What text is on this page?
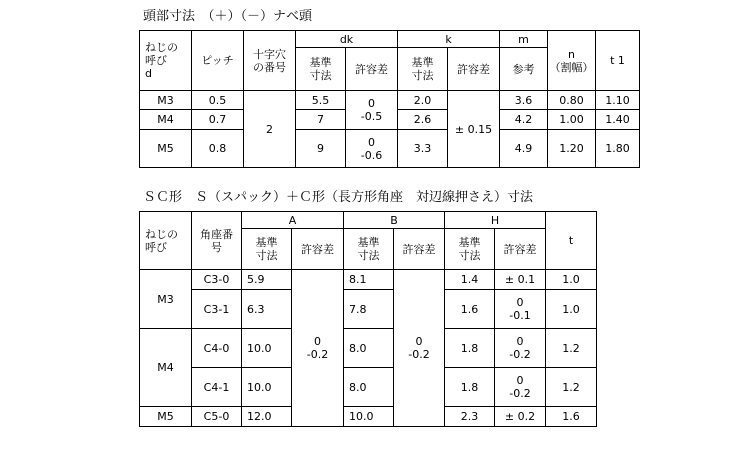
頭部寸法　（＋）（－）ナベ頭
ねじの
呼び
d	ピッチ	十字穴
の番号	dk		k		m	n
（割幅）	t 1
			基準
寸法	許容差	基準
寸法	許容差	参考		
M3	0.5	2	5.5	0
-0.5	2.0	± 0.15	3.6	0.80	1.10
M4	0.7		7		2.6		4.2	1.00	1.40
M5	0.8		9	0
-0.6	3.3		4.9	1.20	1.80
ＳＣ形　Ｓ（スパック）＋Ｃ形（長方形角座　対辺線押さえ）寸法
ねじの
呼び	角座番
号	A		B		H		t
		基準
寸法	許容差	基準
寸法	許容差	基準
寸法	許容差	
M3	C3-0	5.9	0
-0.2	8.1	0
-0.2	1.4	± 0.1	1.0
	C3-1	6.3		7.8		1.6	0
-0.1	1.0
M4	C4-0	10.0		8.0		1.8	0
-0.2	1.2
	C4-1	10.0		8.0		1.8	0
-0.2	1.2
M5	C5-0	12.0		10.0		2.3	± 0.2	1.6
